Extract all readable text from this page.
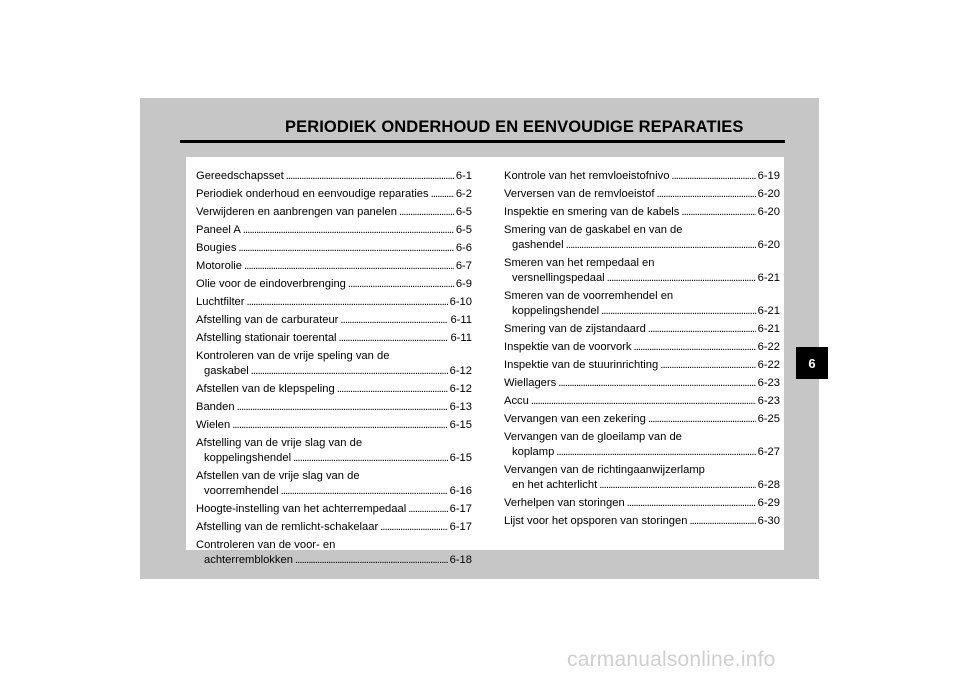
PERIODIEK ONDERHOUD EN EENVOUDIGE REPARATIES
Gereedschapsset . . .	6-1
Periodiek onderhoud en eenvoudige reparaties . . . 6-2
Verwijderen en aanbrengen van panelen . . .	6-5
Paneel A . . .	6-5
Bougies . . .	6-6
Motorolie . . .	6-7
Olie voor de eindoverbrenging . . .	6-9
Luchtfilter . . .	6-10
Afstelling van de carburateur . . .	6-11
Afstelling stationair toerental . . .	6-11
Kontroleren van de vrije speling van de
gaskabel . . .	6-12
Afstellen van de klepspeling . . .	6-12
Banden . . .	6-13
Wielen . . .	6-15
Afstelling van de vrije slag van de
koppelingshendel . . .	6-15
Afstellen van de vrije slag van de
voorremhendel . . .	6-16
Hoogte-instelling van het achterrempedaal . . .	6-17
Afstelling van de remlicht-schakelaar . . .	6-17
Controleren van de voor- en
achterremblokken . . .	6-18
Kontrole van het remvloeistofnivo . . .	6-19
Verversen van de remvloeistof . . .	6-20
Inspektie en smering van de kabels . . .	6-20
Smering van de gaskabel en van de
gashendel . . .	6-20
Smeren van het rempedaal en
versnellingspedaal . . .	6-21
Smeren van de voorremhendel en
koppelingshendel . . .	6-21
Smering van de zijstandaard . . .	6-21
Inspektie van de voorvork . . .	6-22
Inspektie van de stuurinrichting . . .	6-22
Wiellagers . . .	6-23
Accu . . .	6-23
Vervangen van een zekering . . .	6-25
Vervangen van de gloeilamp van de
koplamp . . .	6-27
Vervangen van de richtingaanwijzerlamp
en het achterlicht . . .	6-28
Verhelpen van storingen . . .	6-29
Lijst voor het opsporen van storingen . . .	6-30
6
carmanualsonline.info
